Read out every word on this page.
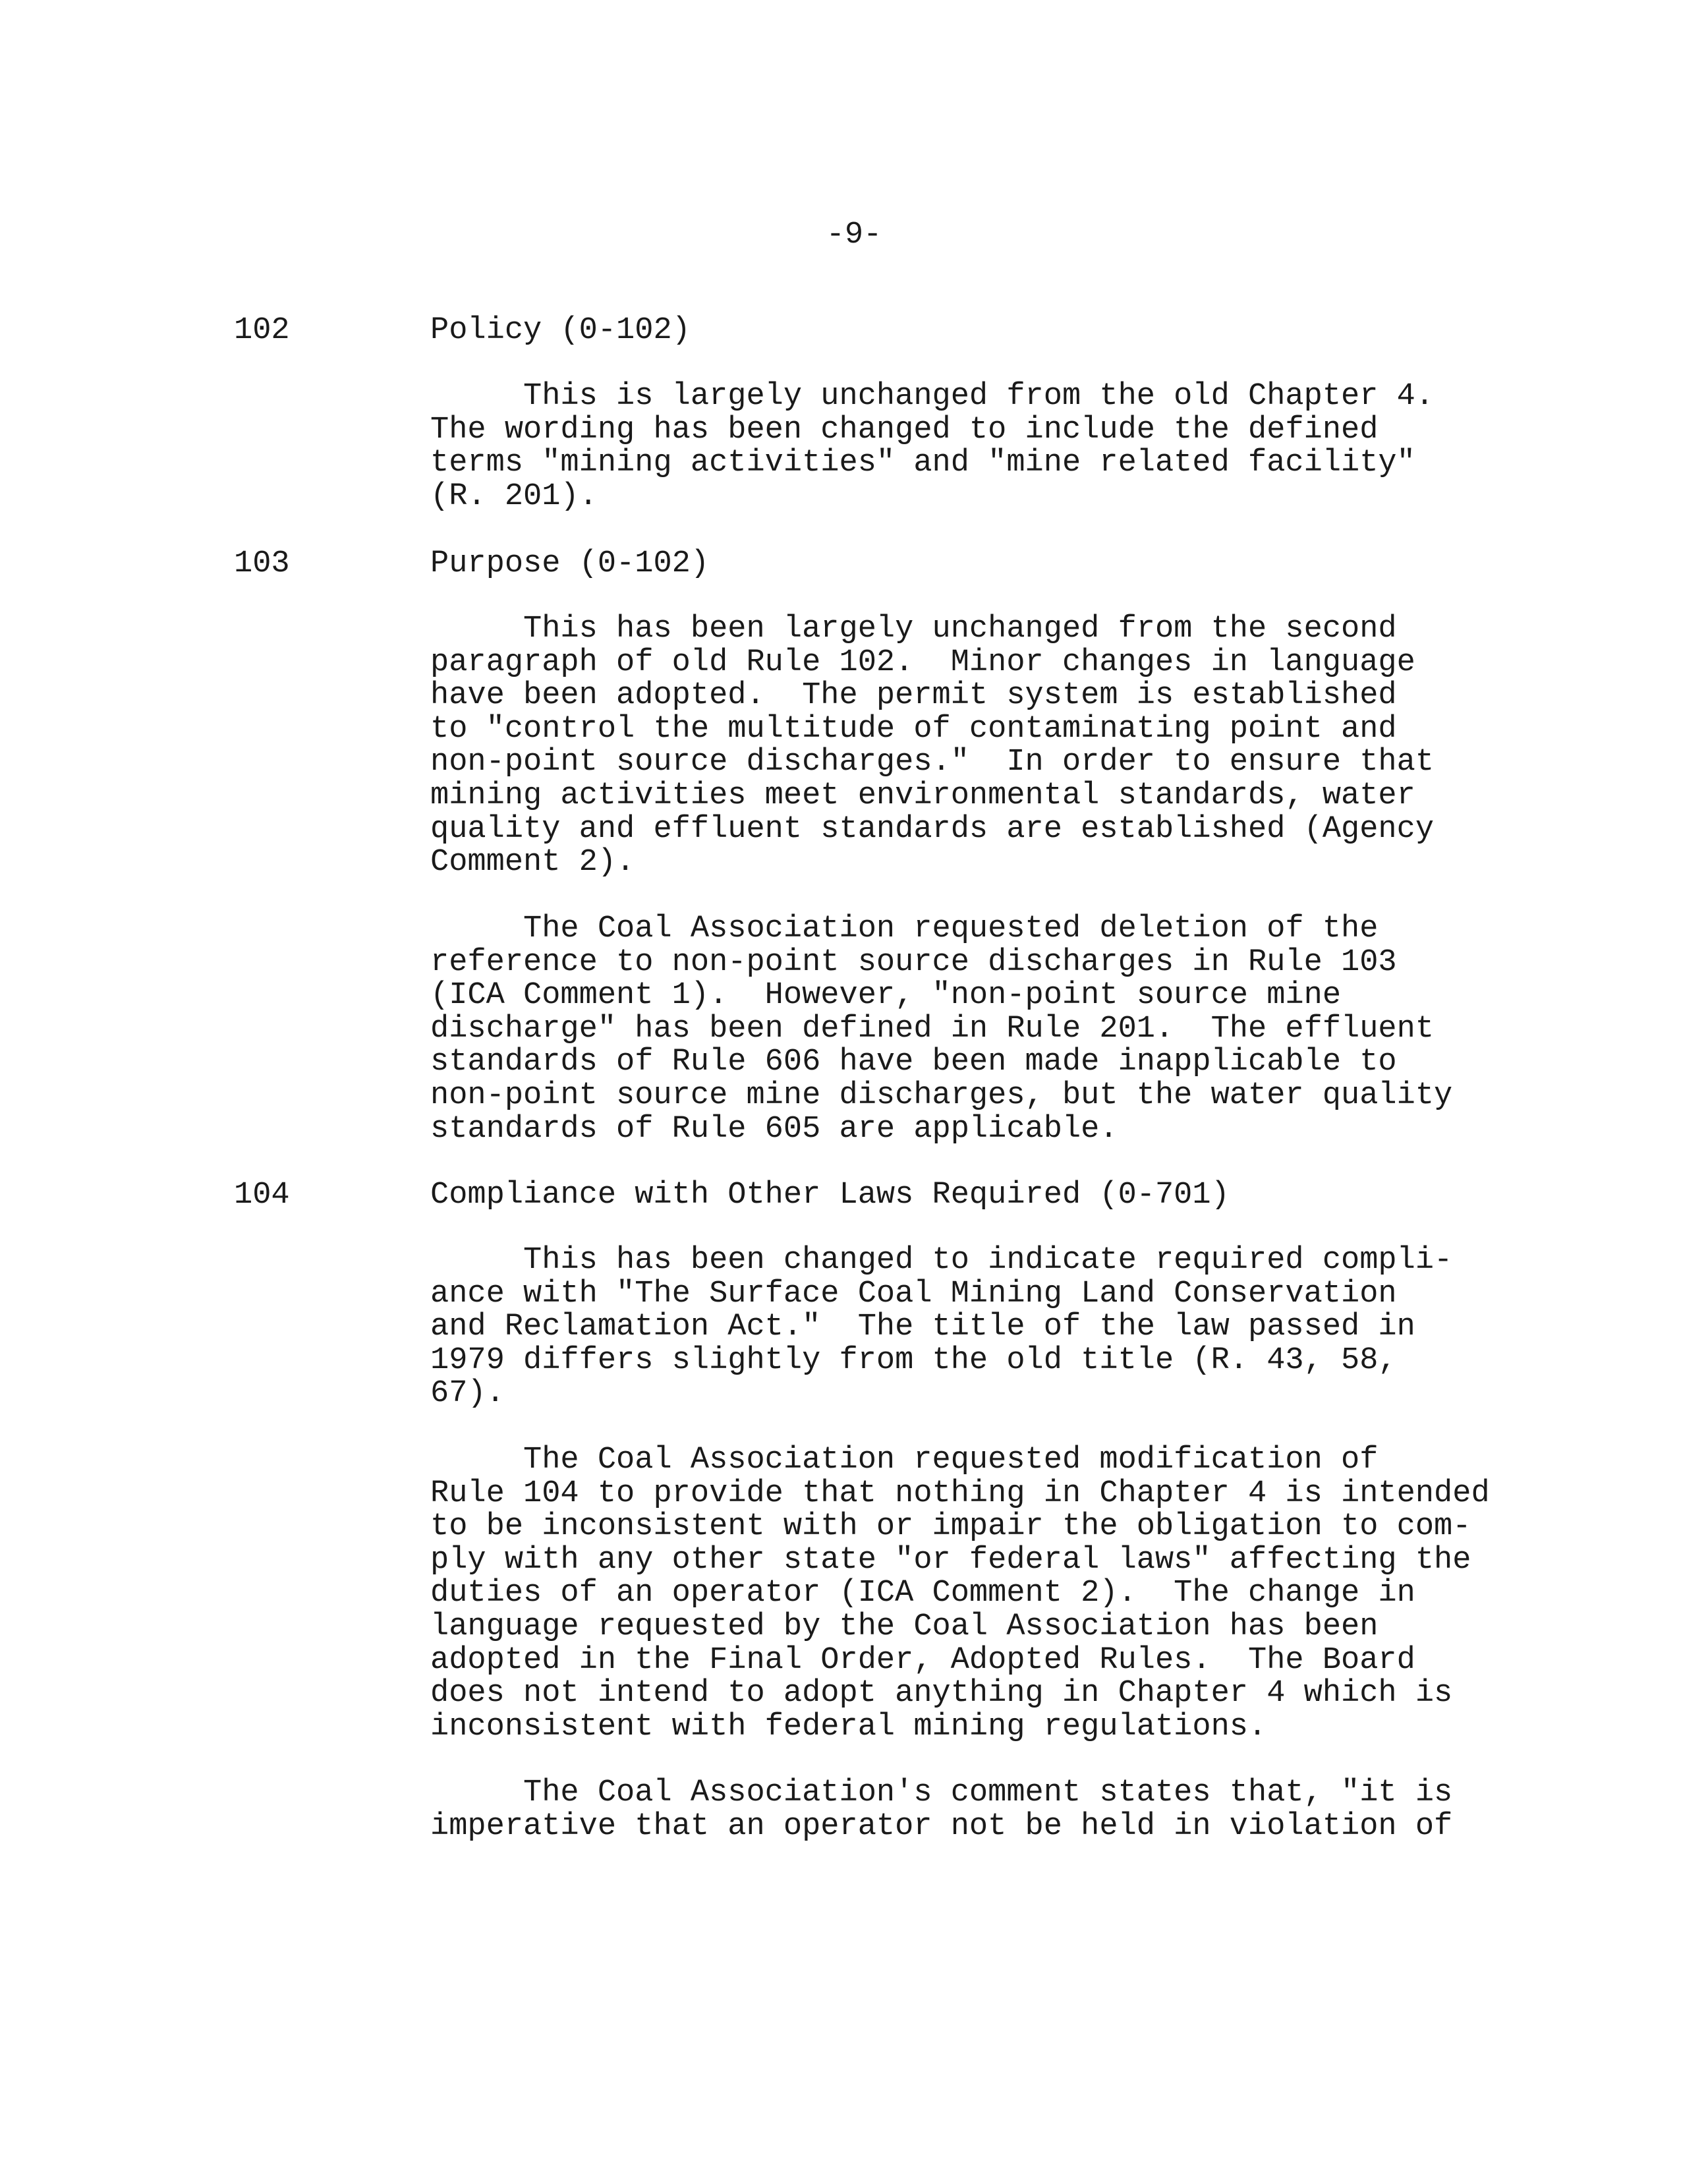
-9-
102	Policy (0-102)
This is largely unchanged from the old Chapter 4.
The wording has been changed to include the defined
terms "mining activities" and "mine related facility"
(R. 201).
103	Purpose (0-102)
This has been largely unchanged from the second
paragraph of old Rule 102.  Minor changes in language
have been adopted.  The permit system is established
to "control the multitude of contaminating point and
non-point source discharges."  In order to ensure that
mining activities meet environmental standards, water
quality and effluent standards are established (Agency
Comment 2).
The Coal Association requested deletion of the
reference to non-point source discharges in Rule 103
(ICA Comment 1).  However, "non-point source mine
discharge" has been defined in Rule 201.  The effluent
standards of Rule 606 have been made inapplicable to
non-point source mine discharges, but the water quality
standards of Rule 605 are applicable.
104	Compliance with Other Laws Required (0-701)
This has been changed to indicate required compli-
ance with "The Surface Coal Mining Land Conservation
and Reclamation Act."  The title of the law passed in
1979 differs slightly from the old title (R. 43, 58,
67).
The Coal Association requested modification of
Rule 104 to provide that nothing in Chapter 4 is intended
to be inconsistent with or impair the obligation to com-
ply with any other state "or federal laws" affecting the
duties of an operator (ICA Comment 2).  The change in
language requested by the Coal Association has been
adopted in the Final Order, Adopted Rules.  The Board
does not intend to adopt anything in Chapter 4 which is
inconsistent with federal mining regulations.
The Coal Association's comment states that, "it is
imperative that an operator not be held in violation of
